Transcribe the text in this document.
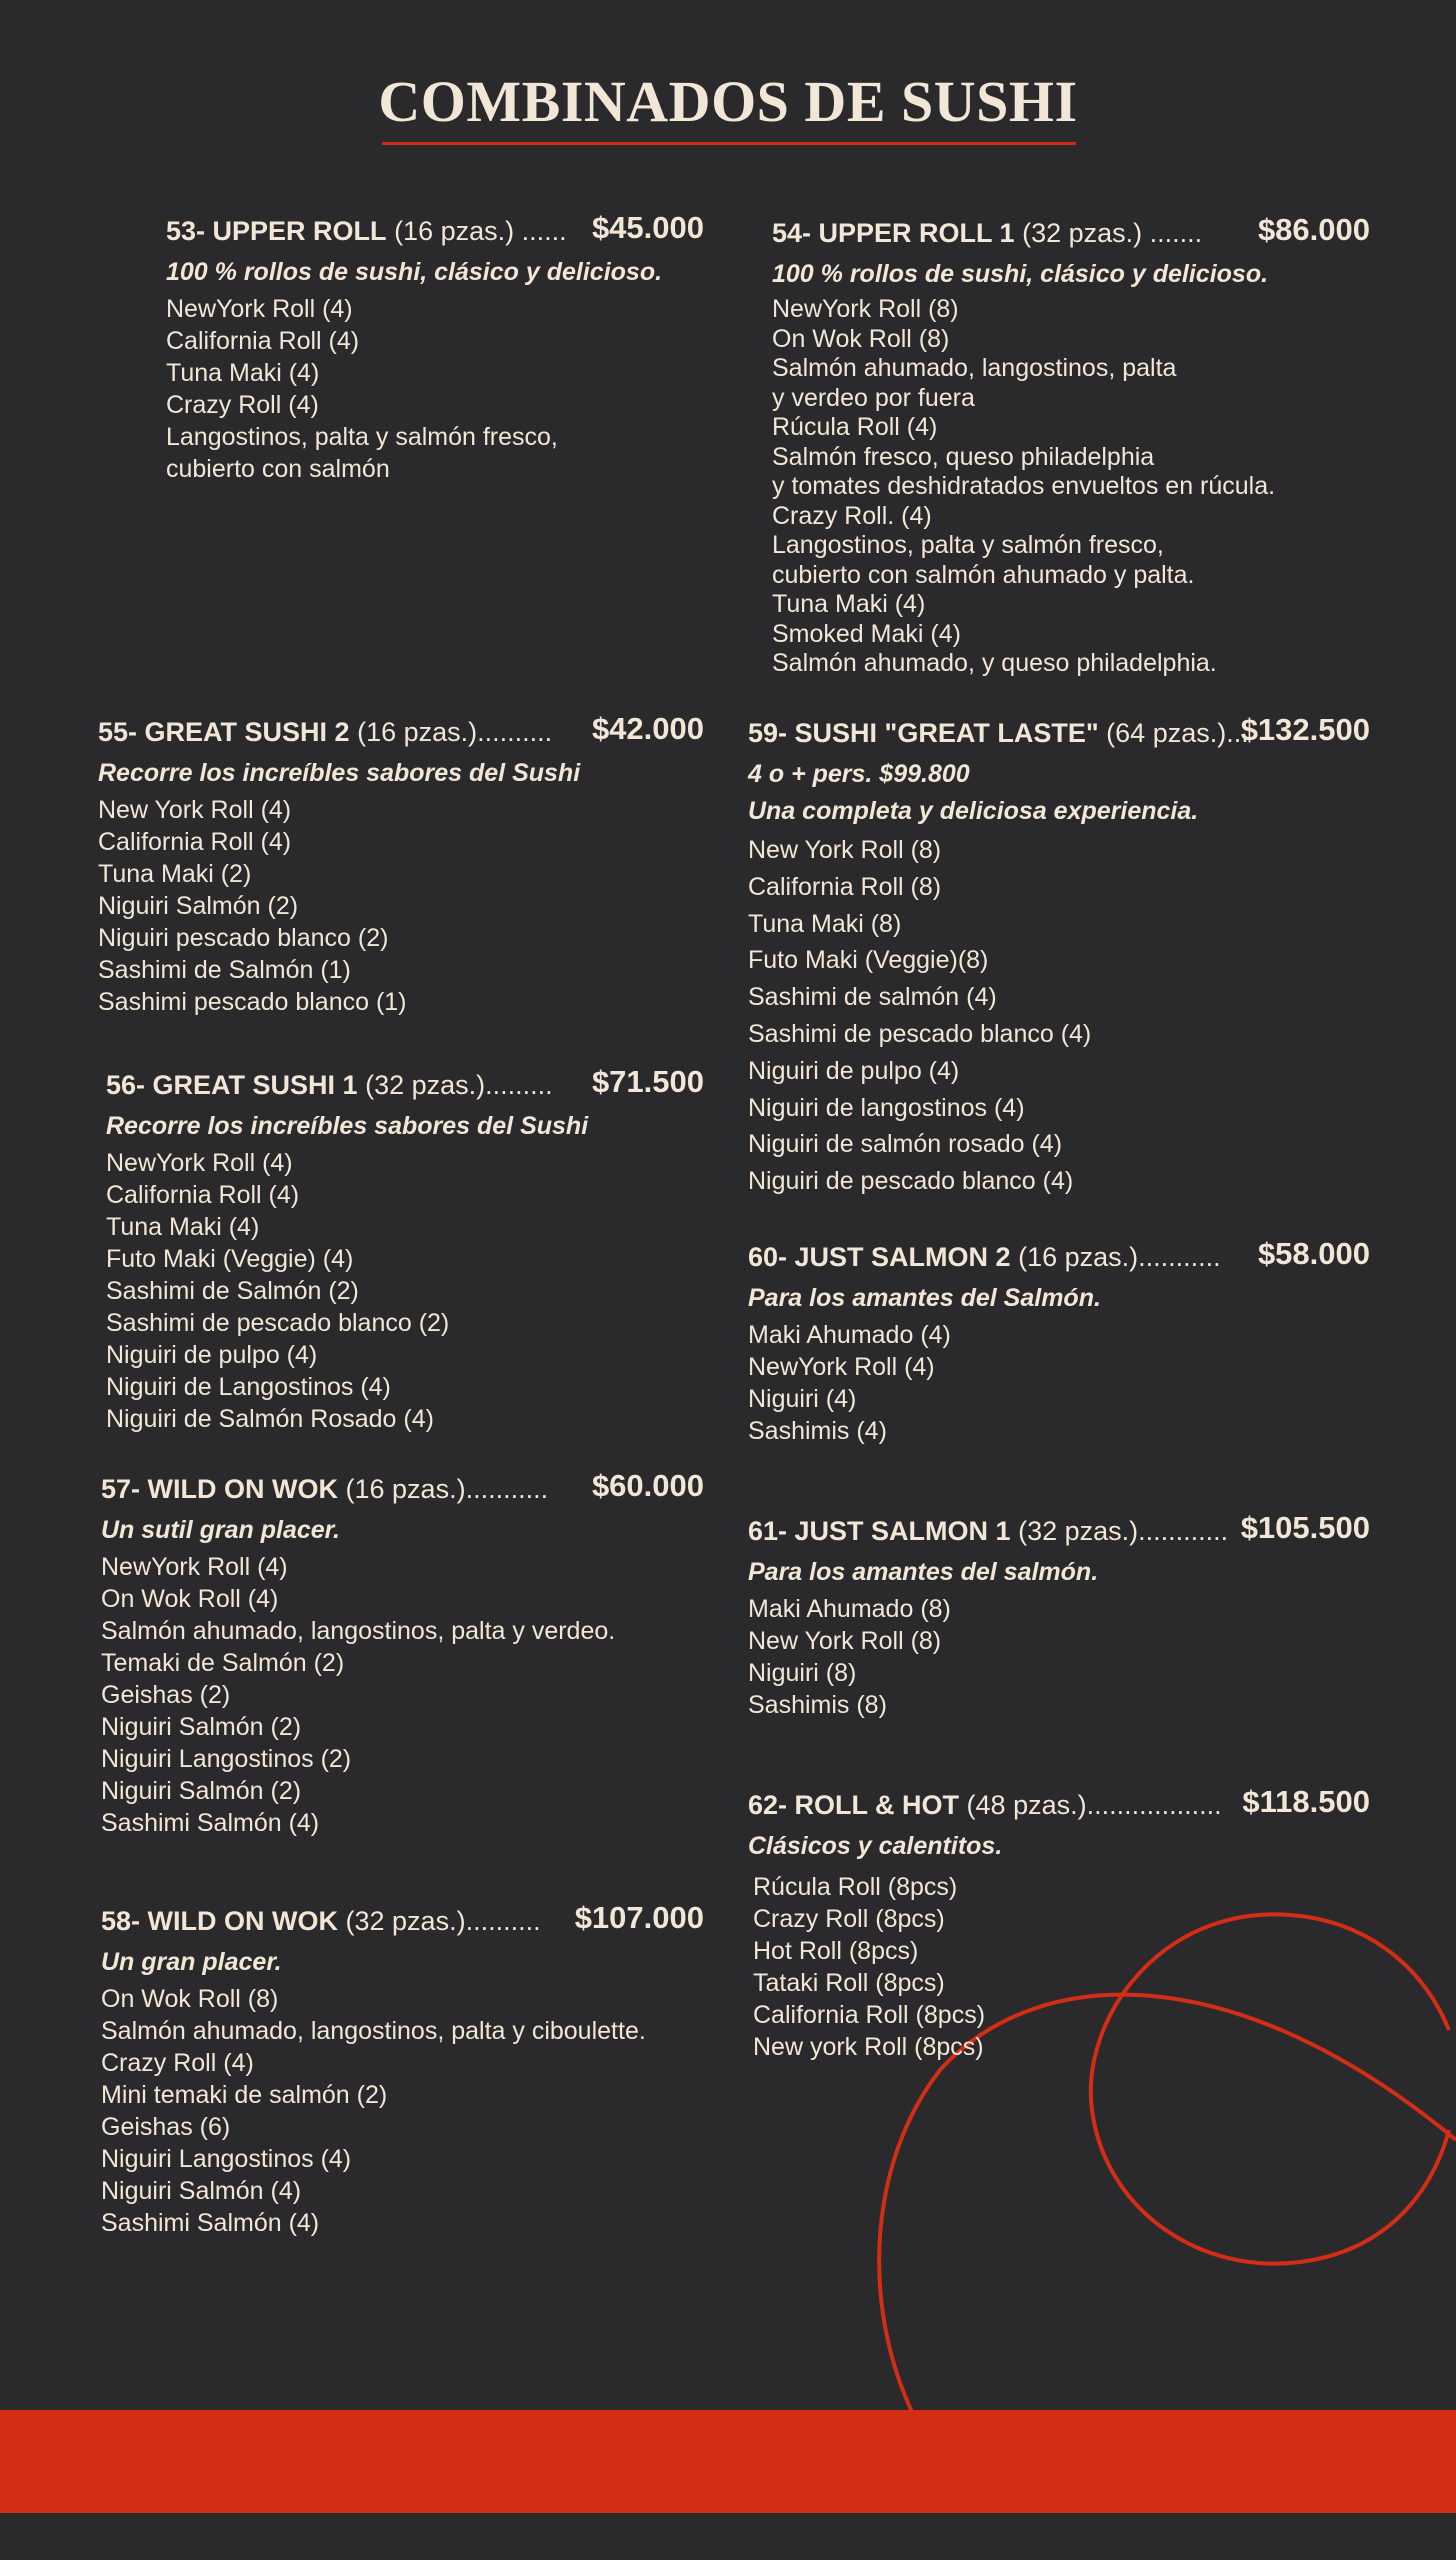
COMBINADOS DE SUSHI
53- UPPER ROLL (16 pzas.) ...... $45.000
100 % rollos de sushi, clásico y delicioso.
NewYork Roll (4)
California Roll (4)
Tuna Maki (4)
Crazy Roll (4)
Langostinos, palta y salmón fresco,
cubierto con salmón
54- UPPER ROLL 1 (32 pzas.) ....... $86.000
100 % rollos de sushi, clásico y delicioso.
NewYork Roll (8)
On Wok Roll (8)
Salmón ahumado, langostinos, palta
y verdeo por fuera
Rúcula Roll (4)
Salmón fresco, queso philadelphia
y tomates deshidratados envueltos en rúcula.
Crazy Roll. (4)
Langostinos, palta y salmón fresco,
cubierto con salmón ahumado y palta.
Tuna Maki (4)
Smoked Maki (4)
Salmón ahumado, y queso philadelphia.
55- GREAT SUSHI 2 (16 pzas.).......... $42.000
Recorre los increíbles sabores del Sushi
New York Roll (4)
California Roll (4)
Tuna Maki (2)
Niguiri Salmón (2)
Niguiri pescado blanco (2)
Sashimi de Salmón (1)
Sashimi pescado blanco (1)
59- SUSHI "GREAT LASTE" (64 pzas.)...
$132.500
4 o + pers. $99.800
Una completa y deliciosa experiencia.
New York Roll (8)
California Roll (8)
Tuna Maki (8)
Futo Maki (Veggie)(8)
Sashimi de salmón (4)
Sashimi de pescado blanco (4)
Niguiri de pulpo (4)
Niguiri de langostinos (4)
Niguiri de salmón rosado (4)
Niguiri de pescado blanco (4)
56- GREAT SUSHI 1 (32 pzas.)......... $71.500
Recorre los increíbles sabores del Sushi
NewYork Roll (4)
California Roll (4)
Tuna Maki (4)
Futo Maki (Veggie) (4)
Sashimi de Salmón (2)
Sashimi de pescado blanco (2)
Niguiri de pulpo (4)
Niguiri de Langostinos (4)
Niguiri de Salmón Rosado (4)
60- JUST SALMON 2 (16 pzas.)........... $58.000
Para los amantes del Salmón.
Maki Ahumado (4)
NewYork Roll (4)
Niguiri (4)
Sashimis (4)
57- WILD ON WOK (16 pzas.)........... $60.000
Un sutil gran placer.
NewYork Roll (4)
On Wok Roll (4)
Salmón ahumado, langostinos, palta y verdeo.
Temaki de Salmón (2)
Geishas (2)
Niguiri Salmón (2)
Niguiri Langostinos (2)
Niguiri Salmón (2)
Sashimi Salmón (4)
61- JUST SALMON 1 (32 pzas.)............ $105.500
Para los amantes del salmón.
Maki Ahumado (8)
New York Roll (8)
Niguiri (8)
Sashimis (8)
62- ROLL & HOT (48 pzas.).................. $118.500
Clásicos y calentitos.
Rúcula Roll (8pcs)
Crazy Roll (8pcs)
Hot Roll (8pcs)
Tataki Roll (8pcs)
California Roll (8pcs)
New york Roll (8pcs)
58- WILD ON WOK (32 pzas.).......... $107.000
Un gran placer.
On Wok Roll (8)
Salmón ahumado, langostinos, palta y ciboulette.
Crazy Roll (4)
Mini temaki de salmón (2)
Geishas (6)
Niguiri Langostinos (4)
Niguiri Salmón (4)
Sashimi Salmón (4)
